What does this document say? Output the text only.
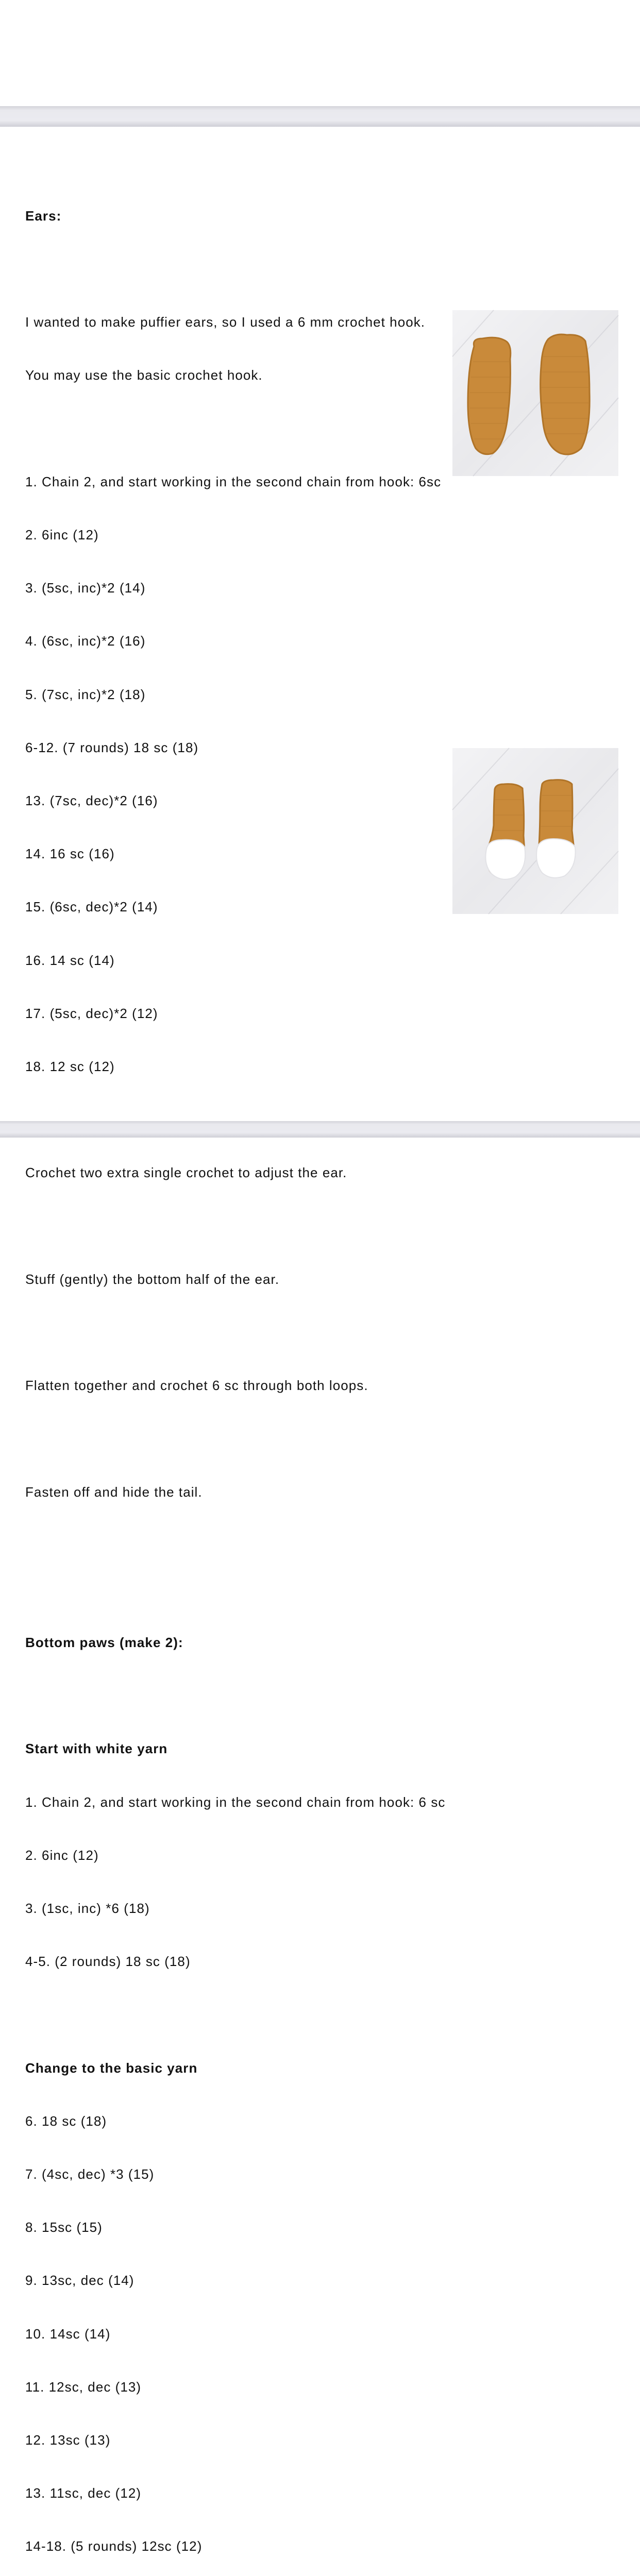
Ears:

I wanted to make puffier ears, so I used a 6 mm crochet hook.

You may use the basic crochet hook.

1. Chain 2, and start working in the second chain from hook: 6sc

2. 6inc (12)

3. (5sc, inc)*2 (14)

4. (6sc, inc)*2 (16)

5. (7sc, inc)*2 (18)

6-12. (7 rounds) 18 sc (18)

13. (7sc, dec)*2 (16)

14. 16 sc (16)

15. (6sc, dec)*2 (14)

16. 14 sc (14)

17. (5sc, dec)*2 (12)

18. 12 sc (12)

Crochet two extra single crochet to adjust the ear.

Stuff (gently) the bottom half of the ear.

Flatten together and crochet 6 sc through both loops.

Fasten off and hide the tail.

Bottom paws (make 2):

Start with white yarn

1. Chain 2, and start working in the second chain from hook: 6 sc

2. 6inc (12)

3. (1sc, inc) *6 (18)

4-5. (2 rounds) 18 sc (18)

Change to the basic yarn

6. 18 sc (18)

7. (4sc, dec) *3 (15)

8. 15sc (15)

9. 13sc, dec (14)

10. 14sc (14)

11. 12sc, dec (13)

12. 13sc (13)

13. 11sc, dec (12)

14-18. (5 rounds) 12sc (12)
